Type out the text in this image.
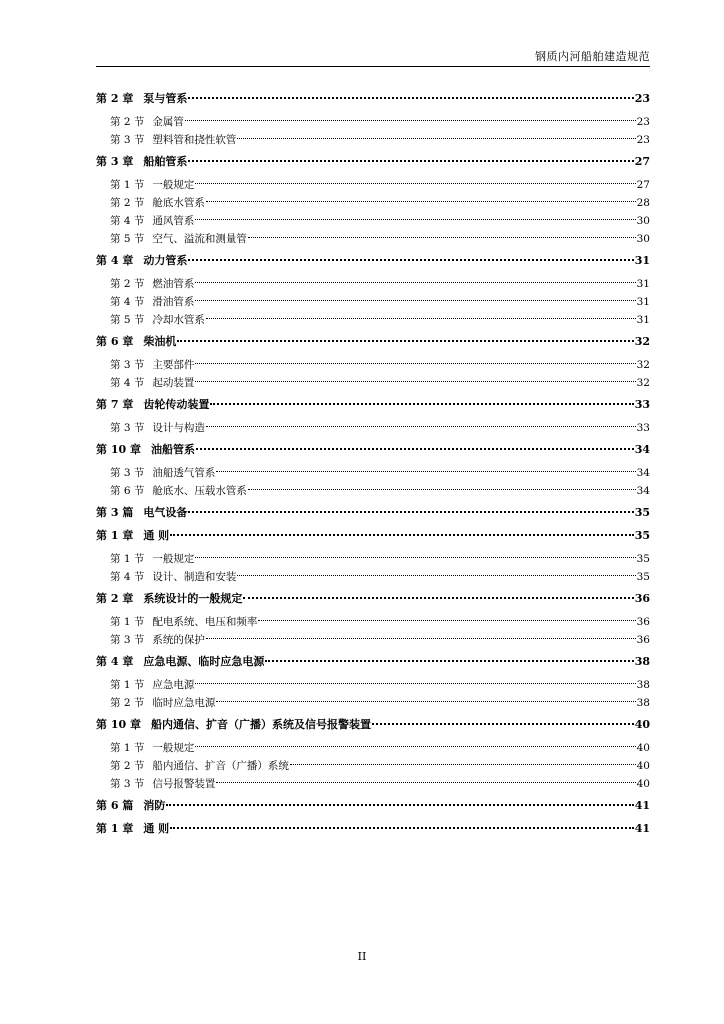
钢质内河船舶建造规范
第 2 章 泵与管系	23
第 2 节 金属管	23
第 3 节 塑料管和挠性软管	23
第 3 章 船舶管系	27
第 1 节 一般规定	27
第 2 节 舱底水管系	28
第 4 节 通风管系	30
第 5 节 空气、溢流和测量管	30
第 4 章 动力管系	31
第 2 节 燃油管系	31
第 4 节 滑油管系	31
第 5 节 冷却水管系	31
第 6 章 柴油机	32
第 3 节 主要部件	32
第 4 节 起动装置	32
第 7 章 齿轮传动装置	33
第 3 节 设计与构造	33
第 10 章 油船管系	34
第 3 节 油船透气管系	34
第 6 节 舱底水、压载水管系	34
第 3 篇 电气设备	35
第 1 章 通 则	35
第 1 节 一般规定	35
第 4 节 设计、制造和安装	35
第 2 章 系统设计的一般规定	36
第 1 节 配电系统、电压和频率	36
第 3 节 系统的保护	36
第 4 章 应急电源、临时应急电源	38
第 1 节 应急电源	38
第 2 节 临时应急电源	38
第 10 章 船内通信、扩音（广播）系统及信号报警装置	40
第 1 节 一般规定	40
第 2 节 船内通信、扩音（广播）系统	40
第 3 节 信号报警装置	40
第 6 篇 消防	41
第 1 章 通 则	41
II
